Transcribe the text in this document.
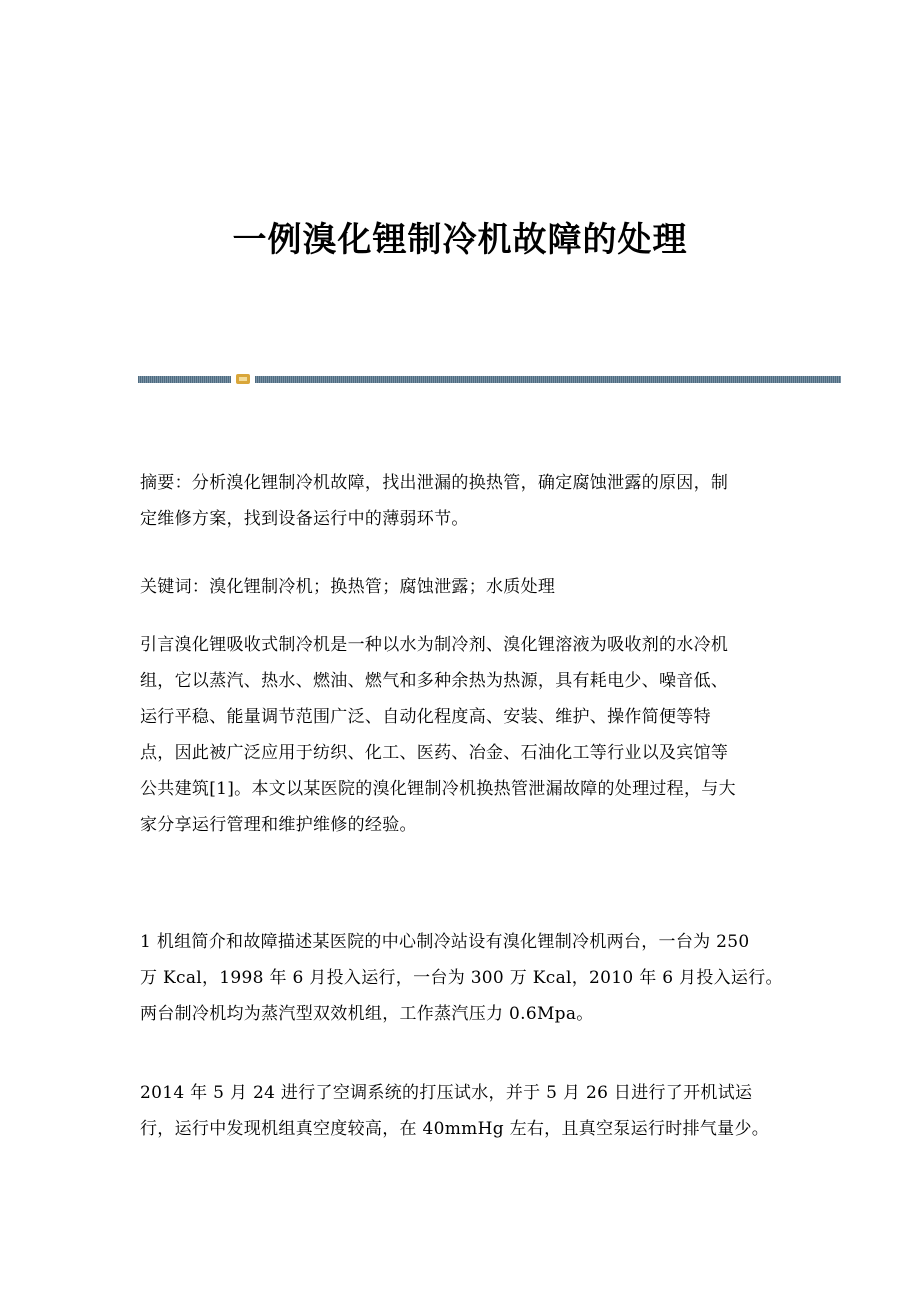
一例溴化锂制冷机故障的处理
摘要：分析溴化锂制冷机故障，找出泄漏的换热管，确定腐蚀泄露的原因，制
定维修方案，找到设备运行中的薄弱环节。
关键词：溴化锂制冷机；换热管；腐蚀泄露；水质处理
引言溴化锂吸收式制冷机是一种以水为制冷剂、溴化锂溶液为吸收剂的水冷机
组，它以蒸汽、热水、燃油、燃气和多种余热为热源，具有耗电少、噪音低、
运行平稳、能量调节范围广泛、自动化程度高、安装、维护、操作简便等特
点，因此被广泛应用于纺织、化工、医药、冶金、石油化工等行业以及宾馆等
公共建筑[1]。本文以某医院的溴化锂制冷机换热管泄漏故障的处理过程，与大
家分享运行管理和维护维修的经验。
1 机组简介和故障描述某医院的中心制冷站设有溴化锂制冷机两台，一台为 250
万 Kcal，1998 年 6 月投入运行，一台为 300 万 Kcal，2010 年 6 月投入运行。
两台制冷机均为蒸汽型双效机组，工作蒸汽压力 0.6Mpa。
2014 年 5 月 24 进行了空调系统的打压试水，并于 5 月 26 日进行了开机试运
行，运行中发现机组真空度较高，在 40mmHg 左右，且真空泵运行时排气量少。
